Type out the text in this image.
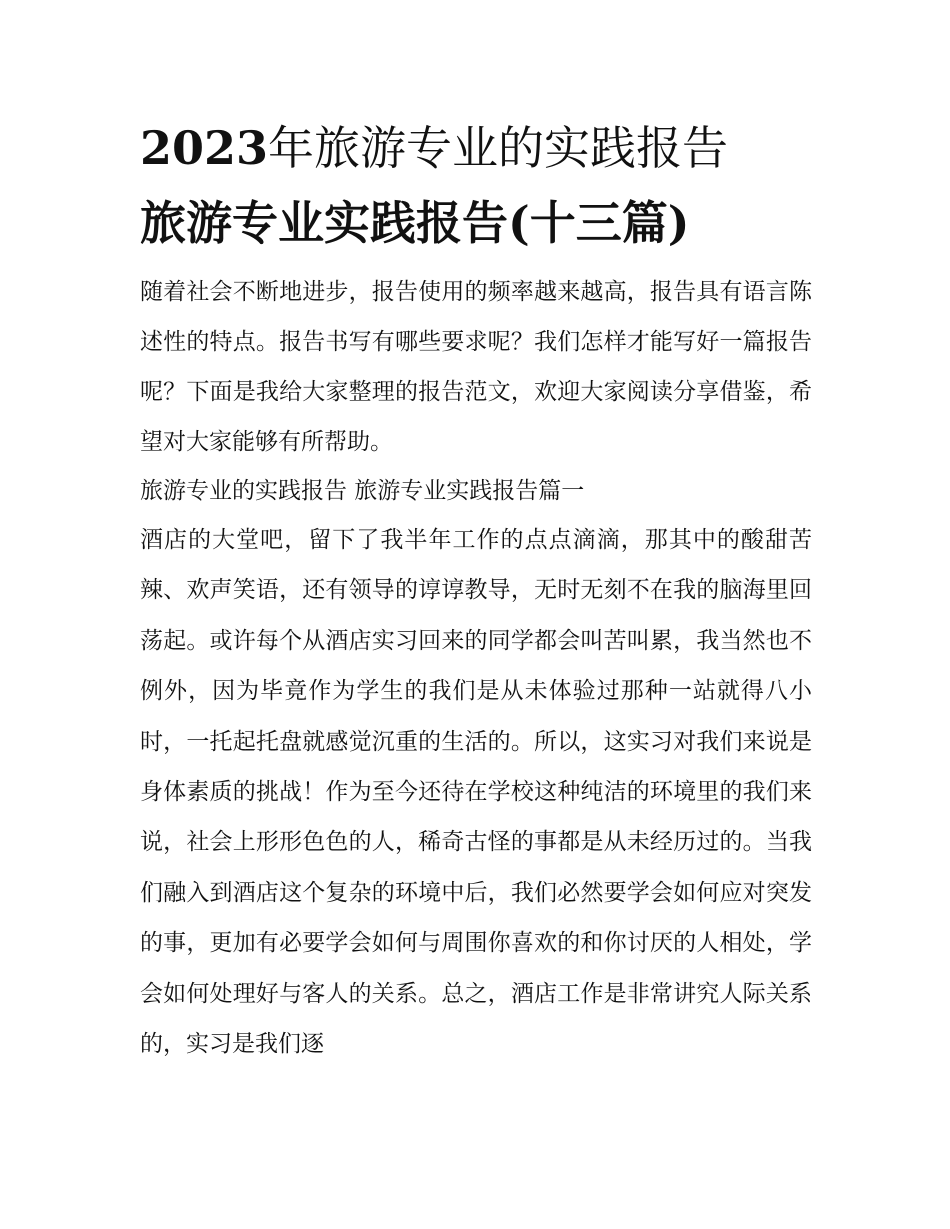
2023年旅游专业的实践报告
旅游专业实践报告(十三篇)

随着社会不断地进步，报告使用的频率越来越高，报告具有语言陈述性的特点。报告书写有哪些要求呢？我们怎样才能写好一篇报告呢？下面是我给大家整理的报告范文，欢迎大家阅读分享借鉴，希望对大家能够有所帮助。

旅游专业的实践报告 旅游专业实践报告篇一

酒店的大堂吧，留下了我半年工作的点点滴滴，那其中的酸甜苦辣、欢声笑语，还有领导的谆谆教导，无时无刻不在我的脑海里回荡起。或许每个从酒店实习回来的同学都会叫苦叫累，我当然也不例外，因为毕竟作为学生的我们是从未体验过那种一站就得八小时，一托起托盘就感觉沉重的生活的。所以，这实习对我们来说是身体素质的挑战！作为至今还待在学校这种纯洁的环境里的我们来说，社会上形形色色的人，稀奇古怪的事都是从未经历过的。当我们融入到酒店这个复杂的环境中后，我们必然要学会如何应对突发的事，更加有必要学会如何与周围你喜欢的和你讨厌的人相处，学会如何处理好与客人的关系。总之，酒店工作是非常讲究人际关系的，实习是我们逐
